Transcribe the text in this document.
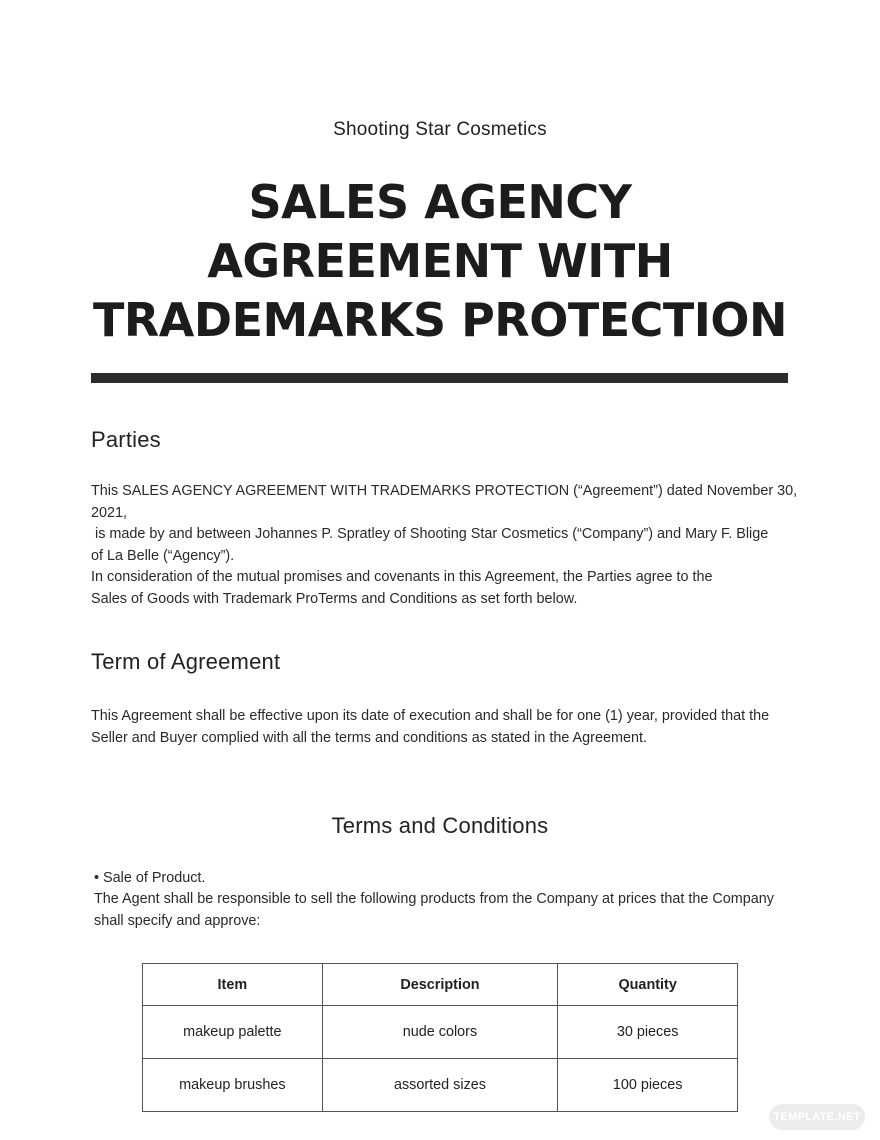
Shooting Star Cosmetics
SALES AGENCY
AGREEMENT WITH
TRADEMARKS PROTECTION
Parties
This SALES AGENCY AGREEMENT WITH TRADEMARKS PROTECTION (“Agreement”) dated November 30, 2021,
is made by and between Johannes P. Spratley of Shooting Star Cosmetics (“Company”) and Mary F. Blige
of La Belle (“Agency”).
In consideration of the mutual promises and covenants in this Agreement, the Parties agree to the
Sales of Goods with Trademark ProTerms and Conditions as set forth below.
Term of Agreement
This Agreement shall be effective upon its date of execution and shall be for one (1) year, provided that the
Seller and Buyer complied with all the terms and conditions as stated in the Agreement.
Terms and Conditions
• Sale of Product.
The Agent shall be responsible to sell the following products from the Company at prices that the Company
shall specify and approve:
Item	Description	Quantity
makeup palette	nude colors	30 pieces
makeup brushes	assorted sizes	100 pieces
TEMPLATE.NET
